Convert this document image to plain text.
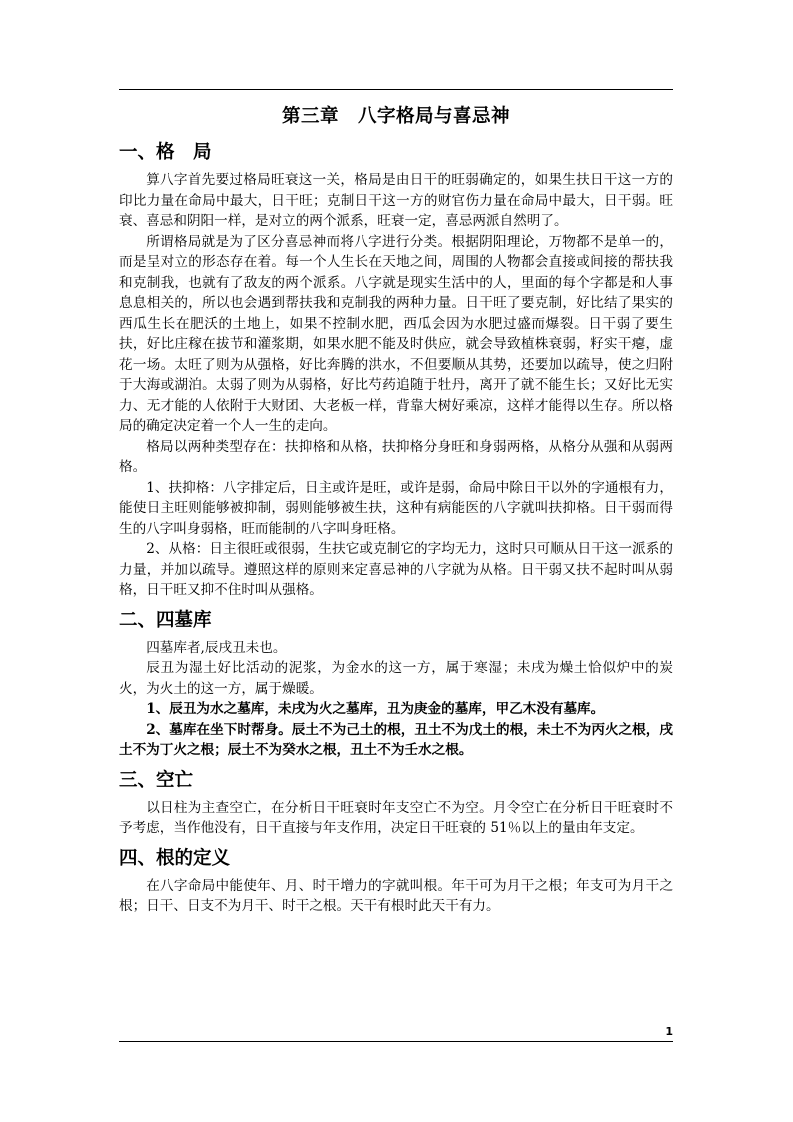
第三章　八字格局与喜忌神
一、格　局

算八字首先要过格局旺衰这一关，格局是由日干的旺弱确定的，如果生扶日干这一方的印比力量在命局中最大，日干旺；克制日干这一方的财官伤力量在命局中最大，日干弱。旺衰、喜忌和阴阳一样，是对立的两个派系，旺衰一定，喜忌两派自然明了。

所谓格局就是为了区分喜忌神而将八字进行分类。根据阴阳理论，万物都不是单一的，而是呈对立的形态存在着。每一个人生长在天地之间，周围的人物都会直接或间接的帮扶我和克制我，也就有了敌友的两个派系。八字就是现实生活中的人，里面的每个字都是和人事息息相关的，所以也会遇到帮扶我和克制我的两种力量。日干旺了要克制，好比结了果实的西瓜生长在肥沃的土地上，如果不控制水肥，西瓜会因为水肥过盛而爆裂。日干弱了要生扶，好比庄稼在拔节和灌浆期，如果水肥不能及时供应，就会导致植株衰弱，籽实干瘪，虚花一场。太旺了则为从强格，好比奔腾的洪水，不但要顺从其势，还要加以疏导，使之归附于大海或湖泊。太弱了则为从弱格，好比芍药追随于牡丹，离开了就不能生长；又好比无实力、无才能的人依附于大财团、大老板一样，背靠大树好乘凉，这样才能得以生存。所以格局的确定决定着一个人一生的走向。

格局以两种类型存在：扶抑格和从格，扶抑格分身旺和身弱两格，从格分从强和从弱两格。

1、扶抑格：八字排定后，日主或许是旺，或许是弱，命局中除日干以外的字通根有力，能使日主旺则能够被抑制，弱则能够被生扶，这种有病能医的八字就叫扶抑格。日干弱而得生的八字叫身弱格，旺而能制的八字叫身旺格。

2、从格：日主很旺或很弱，生扶它或克制它的字均无力，这时只可顺从日干这一派系的力量，并加以疏导。遵照这样的原则来定喜忌神的八字就为从格。日干弱又扶不起时叫从弱格，日干旺又抑不住时叫从强格。

二、四墓库

四墓库者,辰戌丑未也。

辰丑为湿土好比活动的泥浆，为金水的这一方，属于寒湿；未戌为燥土恰似炉中的炭火，为火土的这一方，属于燥暖。

1、辰丑为水之墓库，未戌为火之墓库，丑为庚金的墓库，甲乙木没有墓库。

2、墓库在坐下时帮身。辰土不为己土的根，丑土不为戊土的根，未土不为丙火之根，戌土不为丁火之根；辰土不为癸水之根，丑土不为壬水之根。

三、空亡

以日柱为主查空亡，在分析日干旺衰时年支空亡不为空。月令空亡在分析日干旺衰时不予考虑，当作他没有，日干直接与年支作用，决定日干旺衰的 51％以上的量由年支定。

四、根的定义

在八字命局中能使年、月、时干增力的字就叫根。年干可为月干之根；年支可为月干之根；日干、日支不为月干、时干之根。天干有根时此天干有力。

1
